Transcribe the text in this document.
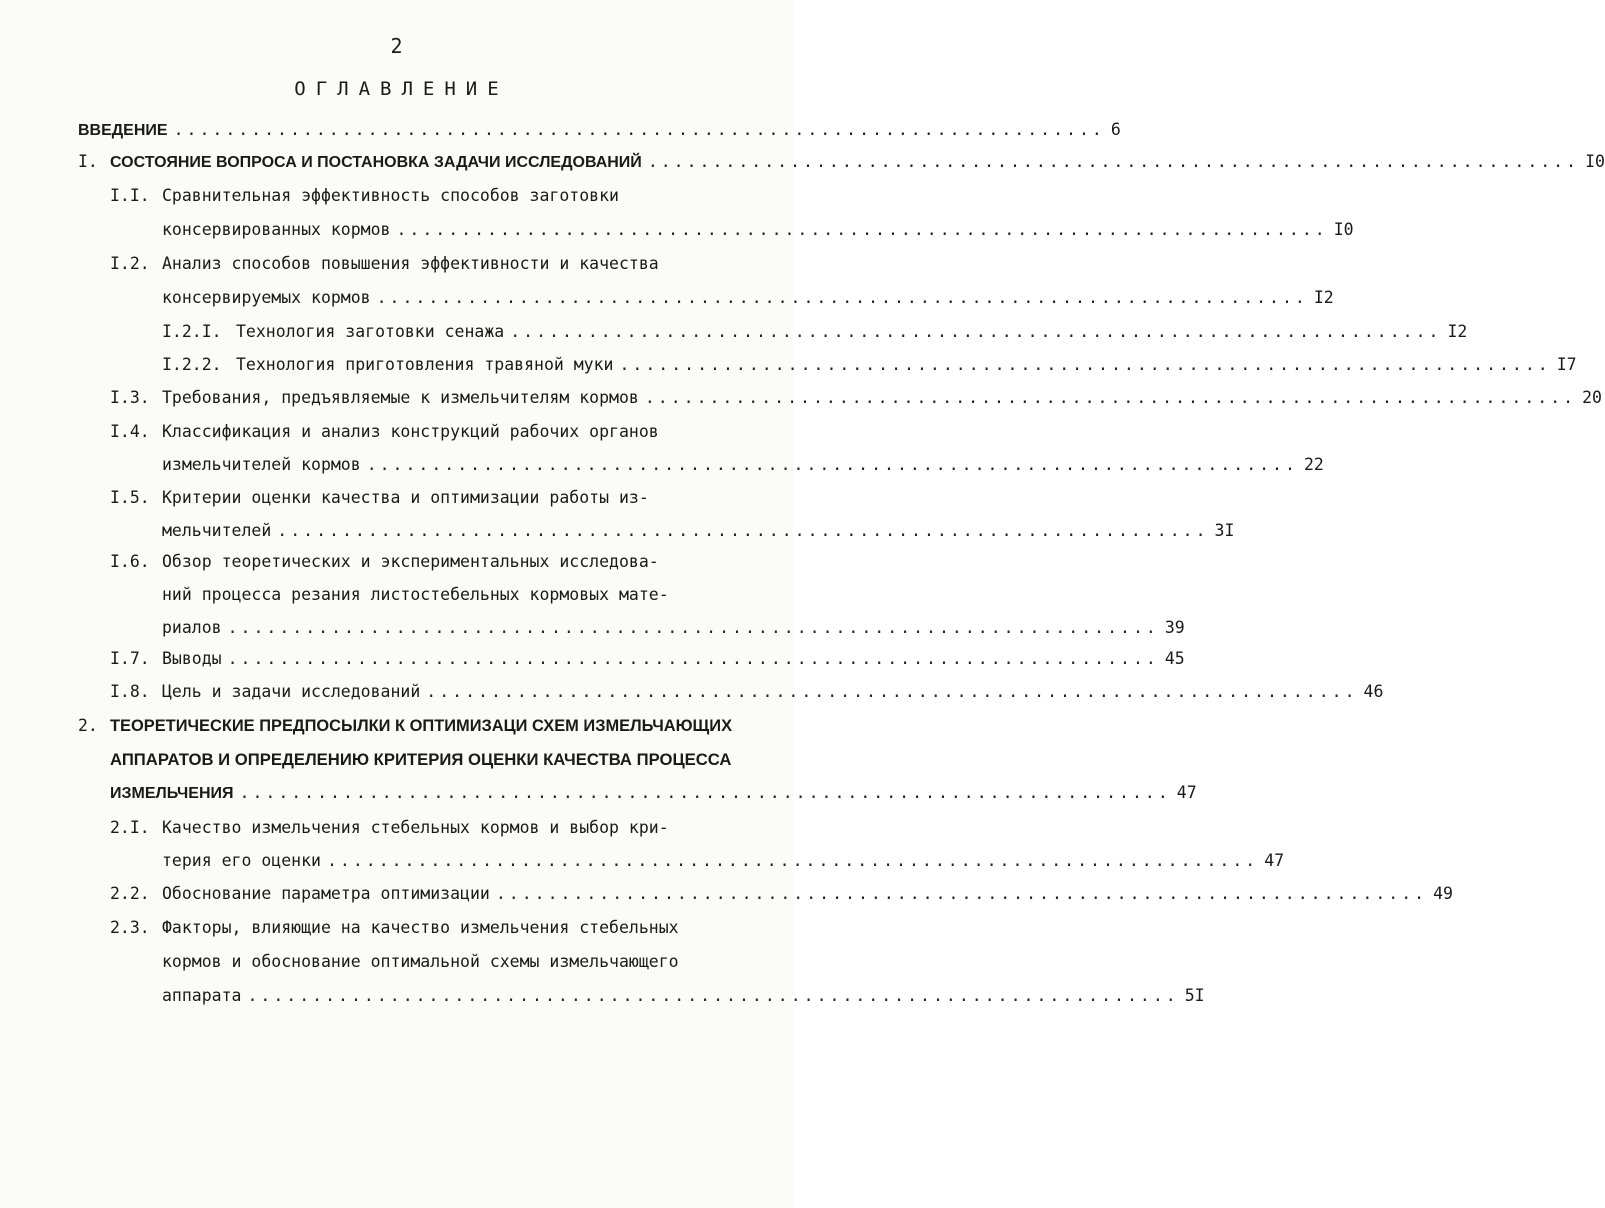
2
ОГЛАВЛЕНИЕ
ВВЕДЕНИЕ ........................................................................ 6
I. СОСТОЯНИЕ ВОПРОСА И ПОСТАНОВКА ЗАДАЧИ ИССЛЕДОВАНИЙ ........................................................................ I0
I.I. Сравнительная эффективность способов заготовки
консервированных кормов ........................................................................ I0
I.2. Анализ способов повышения эффективности и качества
консервируемых кормов ........................................................................ I2
I.2.I. Технология заготовки сенажа ........................................................................ I2
I.2.2. Технология приготовления травяной муки ........................................................................ I7
I.3. Требования, предъявляемые к измельчителям кормов ........................................................................ 20
I.4. Классификация и анализ конструкций рабочих органов
измельчителей кормов ........................................................................ 22
I.5. Критерии оценки качества и оптимизации работы из-
мельчителей ........................................................................ 3I
I.6. Обзор теоретических и экспериментальных исследова-
ний процесса резания листостебельных кормовых мате-
риалов ........................................................................ 39
I.7. Выводы ........................................................................ 45
I.8. Цель и задачи исследований ........................................................................ 46
2. ТЕОРЕТИЧЕСКИЕ ПРЕДПОСЫЛКИ К ОПТИМИЗАЦИ СХЕМ ИЗМЕЛЬЧАЮЩИХ
АППАРАТОВ И ОПРЕДЕЛЕНИЮ КРИТЕРИЯ ОЦЕНКИ КАЧЕСТВА ПРОЦЕССА
ИЗМЕЛЬЧЕНИЯ ........................................................................ 47
2.I. Качество измельчения стебельных кормов и выбор кри-
терия его оценки ........................................................................ 47
2.2. Обоснование параметра оптимизации ........................................................................ 49
2.3. Факторы, влияющие на качество измельчения стебельных
кормов и обоснование оптимальной схемы измельчающего
аппарата ........................................................................ 5I
